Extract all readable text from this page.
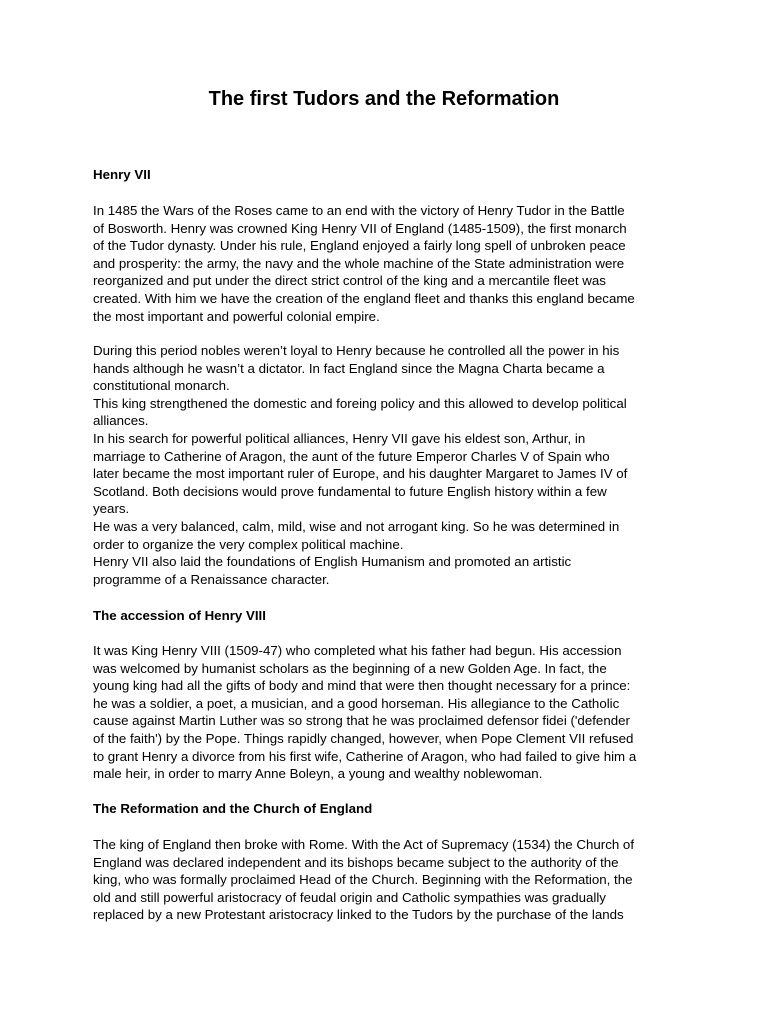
The first Tudors and the Reformation
Henry VII

In 1485 the Wars of the Roses came to an end with the victory of Henry Tudor in the Battle
of Bosworth. Henry was crowned King Henry VII of England (1485-1509), the first monarch
of the Tudor dynasty. Under his rule, England enjoyed a fairly long spell of unbroken peace
and prosperity: the army, the navy and the whole machine of the State administration were
reorganized and put under the direct strict control of the king and a mercantile fleet was
created. With him we have the creation of the england fleet and thanks this england became
the most important and powerful colonial empire.

During this period nobles weren’t loyal to Henry because he controlled all the power in his
hands although he wasn’t a dictator. In fact England since the Magna Charta became a
constitutional monarch.
This king strengthened the domestic and foreing policy and this allowed to develop political
alliances.
In his search for powerful political alliances, Henry VII gave his eldest son, Arthur, in
marriage to Catherine of Aragon, the aunt of the future Emperor Charles V of Spain who
later became the most important ruler of Europe, and his daughter Margaret to James IV of
Scotland. Both decisions would prove fundamental to future English history within a few
years.
He was a very balanced, calm, mild, wise and not arrogant king. So he was determined in
order to organize the very complex political machine.
Henry VII also laid the foundations of English Humanism and promoted an artistic
programme of a Renaissance character.

The accession of Henry VIII

It was King Henry VIII (1509-47) who completed what his father had begun. His accession
was welcomed by humanist scholars as the beginning of a new Golden Age. In fact, the
young king had all the gifts of body and mind that were then thought necessary for a prince:
he was a soldier, a poet, a musician, and a good horseman. His allegiance to the Catholic
cause against Martin Luther was so strong that he was proclaimed defensor fidei ('defender
of the faith') by the Pope. Things rapidly changed, however, when Pope Clement VII refused
to grant Henry a divorce from his first wife, Catherine of Aragon, who had failed to give him a
male heir, in order to marry Anne Boleyn, a young and wealthy noblewoman.

The Reformation and the Church of England

The king of England then broke with Rome. With the Act of Supremacy (1534) the Church of
England was declared independent and its bishops became subject to the authority of the
king, who was formally proclaimed Head of the Church. Beginning with the Reformation, the
old and still powerful aristocracy of feudal origin and Catholic sympathies was gradually
replaced by a new Protestant aristocracy linked to the Tudors by the purchase of the lands
